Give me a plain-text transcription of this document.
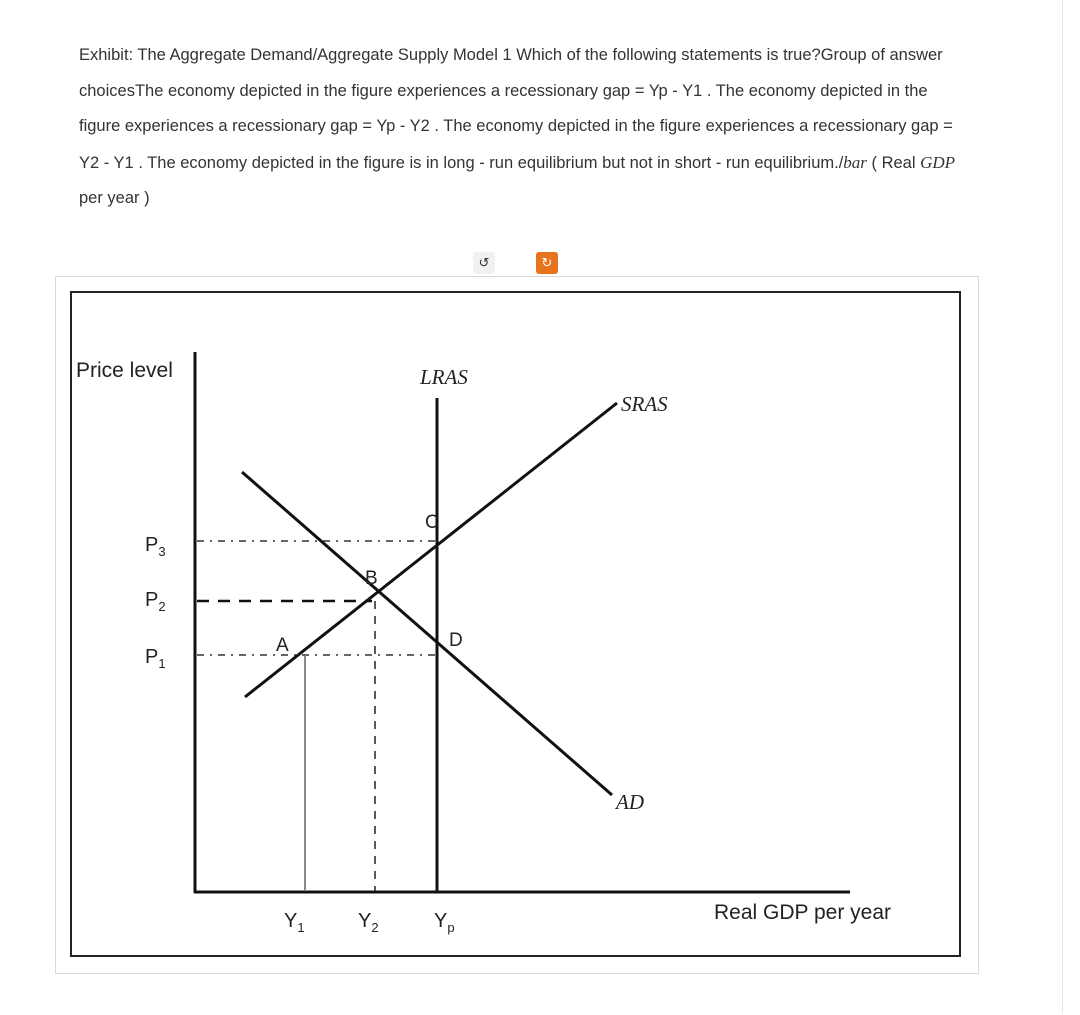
Exhibit: The Aggregate Demand/Aggregate Supply Model 1 Which of the following statements is true?Group of answer
choicesThe economy depicted in the figure experiences a recessionary gap = Yp - Y1 . The economy depicted in the
figure experiences a recessionary gap = Yp - Y2 . The economy depicted in the figure experiences a recessionary gap =
Y2 - Y1 . The economy depicted in the figure is in long - run equilibrium but not in short - run equilibrium./bar ( Real GDP
per year )
↺	↻
Price level
Real GDP per year
LRAS
SRAS
AD
A
B
C
D
$P_3$
$P_2$
$P_1$
$Y_1$	$Y_2$	$Y_p$
